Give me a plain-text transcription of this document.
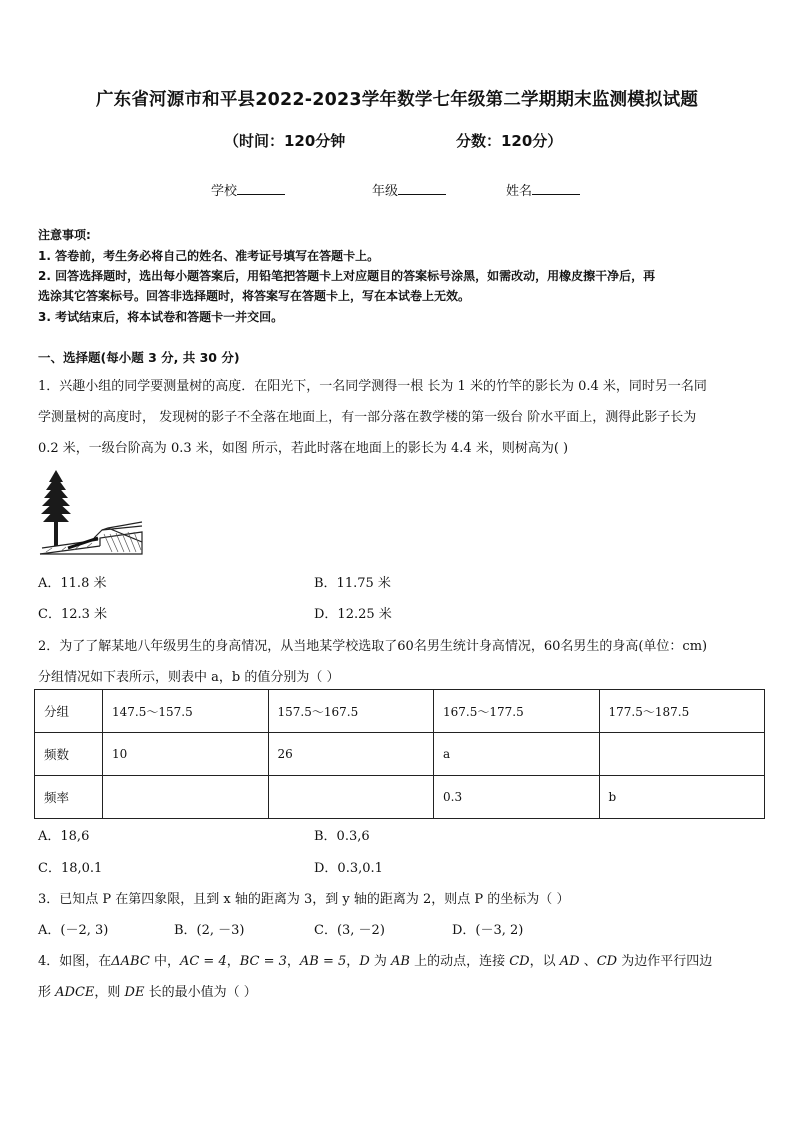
广东省河源市和平县2022-2023学年数学七年级第二学期期末监测模拟试题
（时间：120分钟	分数：120分）
学校	年级	姓名
注意事项:
1. 答卷前，考生务必将自己的姓名、准考证号填写在答题卡上。
2. 回答选择题时，选出每小题答案后，用铅笔把答题卡上对应题目的答案标号涂黑，如需改动，用橡皮擦干净后，再
选涂其它答案标号。回答非选择题时，将答案写在答题卡上，写在本试卷上无效。
3. 考试结束后，将本试卷和答题卡一并交回。
一、选择题(每小题 3 分, 共 30 分)
1．兴趣小组的同学要测量树的高度．在阳光下，一名同学测得一根 长为 1 米的竹竿的影长为 0.4 米，同时另一名同
学测量树的高度时， 发现树的影子不全落在地面上，有一部分落在教学楼的第一级台 阶水平面上，测得此影子长为
0.2 米，一级台阶高为 0.3 米，如图 所示，若此时落在地面上的影长为 4.4 米，则树高为( )
A．11.8 米	B．11.75 米
C．12.3 米	D．12.25 米
2．为了了解某地八年级男生的身高情况，从当地某学校选取了60名男生统计身高情况，60名男生的身高(单位：cm)
分组情况如下表所示，则表中 a，b 的值分别为（ ）
分组	147.5～157.5	157.5～167.5	167.5～177.5	177.5～187.5
频数	10	26	a	
频率			0.3	b
A．18,6	B．0.3,6
C．18,0.1	D．0.3,0.1
3．已知点 P 在第四象限，且到 x 轴的距离为 3，到 y 轴的距离为 2，则点 P 的坐标为（ ）
A．(－2, 3)	B．(2, －3)	C．(3, －2)	D．(－3, 2)
4．如图，在ΔABC 中，AC = 4，BC = 3，AB = 5，D 为 AB 上的动点，连接 CD，以 AD 、CD 为边作平行四边
形 ADCE，则 DE 长的最小值为（ ）
